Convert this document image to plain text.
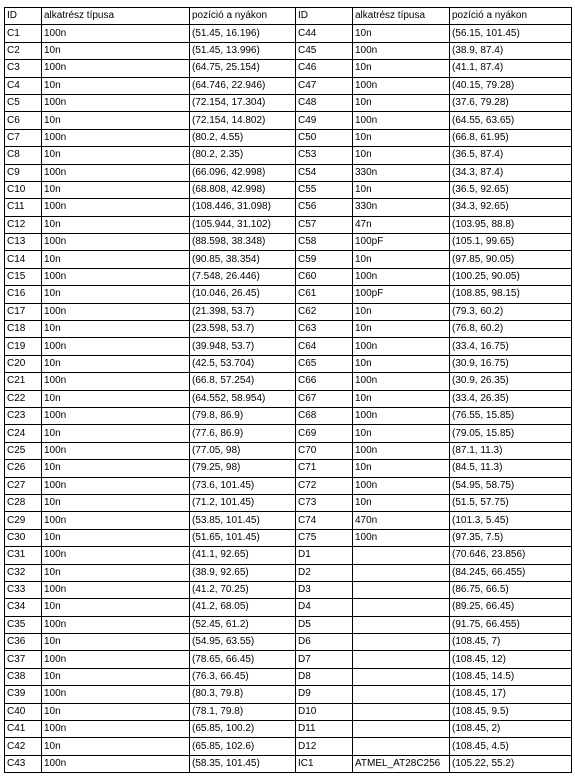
ID	alkatrész típusa	pozíció a nyákon	ID	alkatrész típusa	pozíció a nyákon
C1	100n	(51.45, 16.196)	C44	10n	(56.15, 101.45)
C2	10n	(51.45, 13.996)	C45	100n	(38.9, 87.4)
C3	100n	(64.75, 25.154)	C46	10n	(41.1, 87.4)
C4	10n	(64.746, 22.946)	C47	100n	(40.15, 79.28)
C5	100n	(72.154, 17.304)	C48	10n	(37.6, 79.28)
C6	10n	(72.154, 14.802)	C49	100n	(64.55, 63.65)
C7	100n	(80.2, 4.55)	C50	10n	(66.8, 61.95)
C8	10n	(80.2, 2.35)	C53	10n	(36.5, 87.4)
C9	100n	(66.096, 42.998)	C54	330n	(34.3, 87.4)
C10	10n	(68.808, 42.998)	C55	10n	(36.5, 92.65)
C11	100n	(108.446, 31.098)	C56	330n	(34.3, 92.65)
C12	10n	(105.944, 31.102)	C57	47n	(103.95, 88.8)
C13	100n	(88.598, 38.348)	C58	100pF	(105.1, 99.65)
C14	10n	(90.85, 38.354)	C59	10n	(97.85, 90.05)
C15	100n	(7.548, 26.446)	C60	100n	(100.25, 90.05)
C16	10n	(10.046, 26.45)	C61	100pF	(108.85, 98.15)
C17	100n	(21.398, 53.7)	C62	10n	(79.3, 60.2)
C18	10n	(23.598, 53.7)	C63	10n	(76.8, 60.2)
C19	100n	(39.948, 53.7)	C64	100n	(33.4, 16.75)
C20	10n	(42.5, 53.704)	C65	10n	(30.9, 16.75)
C21	100n	(66.8, 57.254)	C66	100n	(30.9, 26.35)
C22	10n	(64.552, 58.954)	C67	10n	(33.4, 26.35)
C23	100n	(79.8, 86.9)	C68	100n	(76.55, 15.85)
C24	10n	(77.6, 86.9)	C69	10n	(79.05, 15.85)
C25	100n	(77.05, 98)	C70	100n	(87.1, 11.3)
C26	10n	(79.25, 98)	C71	10n	(84.5, 11.3)
C27	100n	(73.6, 101.45)	C72	100n	(54.95, 58.75)
C28	10n	(71.2, 101.45)	C73	10n	(51.5, 57.75)
C29	100n	(53.85, 101.45)	C74	470n	(101.3, 5.45)
C30	10n	(51.65, 101.45)	C75	100n	(97.35, 7.5)
C31	100n	(41.1, 92.65)	D1		(70.646, 23.856)
C32	10n	(38.9, 92.65)	D2		(84.245, 66.455)
C33	100n	(41.2, 70.25)	D3		(86.75, 66.5)
C34	10n	(41.2, 68.05)	D4		(89.25, 66.45)
C35	100n	(52.45, 61.2)	D5		(91.75, 66.455)
C36	10n	(54.95, 63.55)	D6		(108.45, 7)
C37	100n	(78.65, 66.45)	D7		(108.45, 12)
C38	10n	(76.3, 66.45)	D8		(108.45, 14.5)
C39	100n	(80.3, 79.8)	D9		(108.45, 17)
C40	10n	(78.1, 79.8)	D10		(108.45, 9.5)
C41	100n	(65.85, 100.2)	D11		(108.45, 2)
C42	10n	(65.85, 102.6)	D12		(108.45, 4.5)
C43	100n	(58.35, 101.45)	IC1	ATMEL_AT28C256	(105.22, 55.2)
